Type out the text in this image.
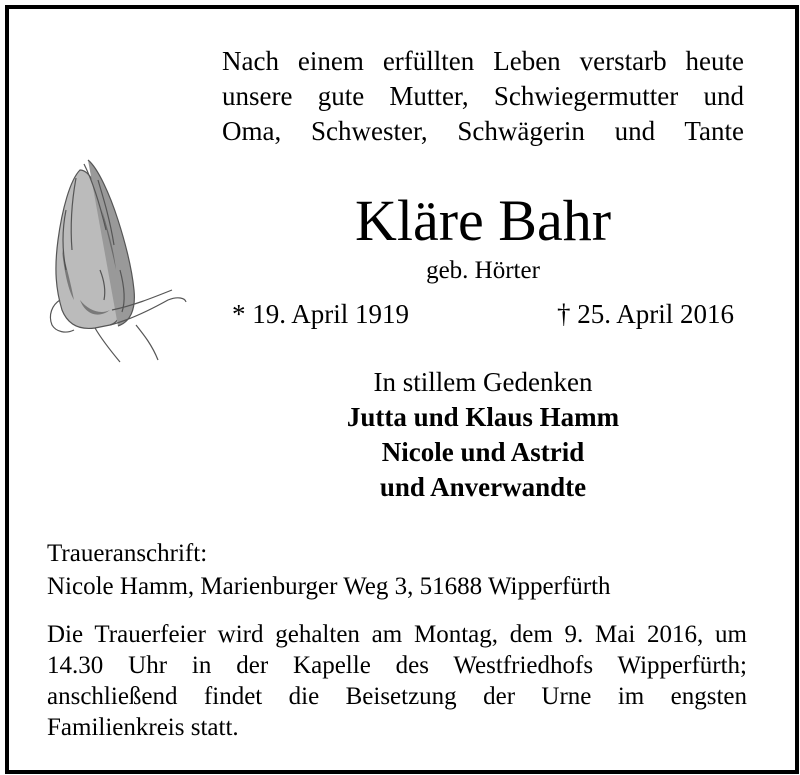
Nach einem erfüllten Leben verstarb heute
unsere gute Mutter, Schwiegermutter und
Oma, Schwester, Schwägerin und Tante
Kläre Bahr
geb. Hörter
* 19. April 1919	† 25. April 2016
In stillem Gedenken
Jutta und Klaus Hamm
Nicole und Astrid
und Anverwandte
Traueranschrift:
Nicole Hamm, Marienburger Weg 3, 51688 Wipperfürth
Die Trauerfeier wird gehalten am Montag, dem 9. Mai 2016, um
14.30 Uhr in der Kapelle des Westfriedhofs Wipperfürth;
anschließend findet die Beisetzung der Urne im engsten
Familienkreis statt.
